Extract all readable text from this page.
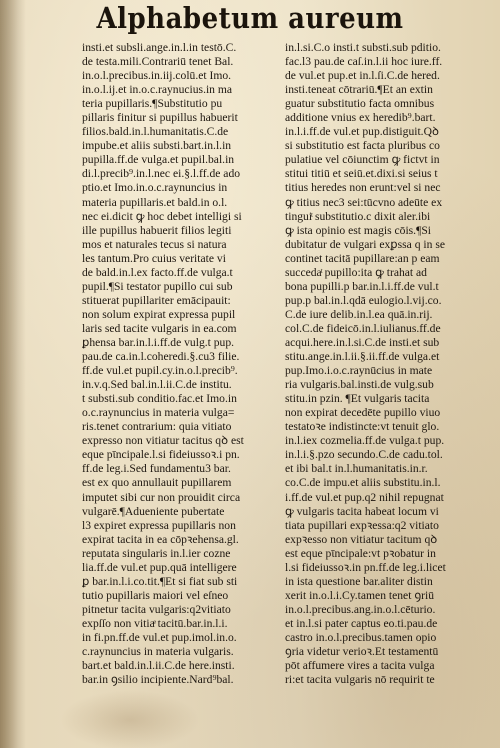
Alphabetum aureum
insti.et subsli.ange.in.l.in testō.C.
de testa.mili.Contrariū tenet Bal.
in.o.l.precibus.in.iij.colū.et Imo.
in.o.l.ij.et in.o.c.raynucius.in ma
teria pupillaris.¶Substitutio pu
pillaris finitur si pupillus habuerit
filios.bald.in.l.humanitatis.C.de
impube.et aliis substi.bart.in.l.in
pupilla.ff.de vulga.et pupil.bal.in
di.l.precib⁹.in.l.nec ei.§.l.ff.de ado
ptio.et Imo.in.o.c.raynuncius in
materia pupillaris.et bald.in o.l.
nec ei.dicit ꝙ hoc debet intelligi si
ille pupillus habuerit filios legiti
mos et naturales tecus si natura
les tantum.Pro cuius veritate vi
de bald.in.l.ex facto.ff.de vulga.t
pupil.¶Si testator pupillo cui sub
stituerat pupillariter emācipauit:
non solum expirat expressa pupil
laris sed tacite vulgaris in ea.com
ꝑhensa bar.in.l.i.ff.de vulg.t pup.
pau.de ca.in.l.coheredi.§.cu3 filie.
ff.de vul.et pupil.cy.in.o.l.precib⁹.
in.v.q.Sed bal.in.l.ii.C.de institu.
t substi.sub conditio.fac.et Imo.in
o.c.raynuncius in materia vulga=
ris.tenet contrarium: quia vitiato
expresso non vitiatur tacitus qꝺ est
eque pῑncipale.l.si fideiussoꝛ.i pn.
ff.de leg.i.Sed fundamentu3 bar.
est ex quo annullauit pupillarem
imputet sibi cur non prouidit circa
vulgarē.¶Adueniente pubertate
l3 expiret expressa pupillaris non
expirat tacita in ea cōpꝛehensa.gl.
reputata singularis in.l.ier cozne
lia.ff.de vul.et pup.quā intelligere
ꝑ bar.in.l.i.co.tit.¶Et si fiat sub sti
tutio pupillaris maiori vel eſneo
pitnetur tacita vulgaris:q2vitiato
expſſo non vitiaͤ tacitū.bar.in.l.i.
in fi.pn.ff.de vul.et pup.imol.in.o.
c.raynuncius in materia vulgaris.
bart.et bald.in.l.ii.C.de here.insti.
bar.in ꝯsilio incipiente.Nard⁹bal.
in.l.si.C.o insti.t substi.sub pditio.
fac.l3 pau.de caſ.in.l.ii hoc iure.ff.
de vul.et pup.et in.l.ſi.C.de hered.
insti.teneat cōtrariū.¶Et an extin
guatur substitutio facta omnibus
additione vnius ex heredib⁹.bart.
in.l.i.ff.de vul.et pup.distiguit.Qꝺ
si substitutio est facta pluribus co
pulatiue vel cōiunctim ꝙ fictvt in
stitui titiū et seiū.et.dixi.si seius t
titius heredes non erunt:vel si nec
ꝙ titius nec3 sei:tūcvno adeūte ex
tinguiͭ substitutio.c dixit aler.ibi
ꝙ ista opinio est magis cōis.¶Si
dubitatur de vulgari exꝑssa q in se
continet tacitā pupillare:an p eam
succedaͭ pupillo:ita ꝙ trahat ad
bona pupilli.p bar.in.l.i.ff.de vul.t
pup.p bal.in.l.qdā eulogio.l.vij.co.
C.de iure delib.in.l.ea quā.in.rij.
col.C.de fideicō.in.l.iulianus.ff.de
acqui.here.in.l.si.C.de insti.et sub
stitu.ange.in.l.ii.§.ii.ff.de vulga.et
pup.Imo.i.o.c.raynūcius in mate
ria vulgaris.bal.insti.de vulg.sub
stitu.in pzin. ¶Et vulgaris tacita
non expirat decedēte pupillo viuo
testatoꝛe indistincte:vt tenuit glo.
in.l.iex cozmelia.ff.de vulga.t pup.
in.l.i.§.pzo secundo.C.de cadu.tol.
et ibi bal.t in.l.humanitatis.in.r.
co.C.de impu.et aliis substitu.in.l.
i.ff.de vul.et pup.q2 nihil repugnat
ꝙ vulgaris tacita habeat locum vi
tiata pupillari expꝛessa:q2 vitiato
expꝛesso non vitiatur tacitum qꝺ
est eque pῑncipale:vt pꝛobatur in
l.si fideiussoꝛ.in pn.ff.de leg.i.licet
in ista questione bar.aliter distin
xerit in.o.l.i.Cy.tamen tenet ꝯriū
in.o.l.precibus.ang.in.o.l.cēturio.
et in.l.si pater captus eo.ti.pau.de
castro in.o.l.precibus.tamen opio
ꝯria videtur verioꝛ.Et testamentū
pōt affumere vires a tacita vulga
ri:et tacita vulgaris nō requirit te
